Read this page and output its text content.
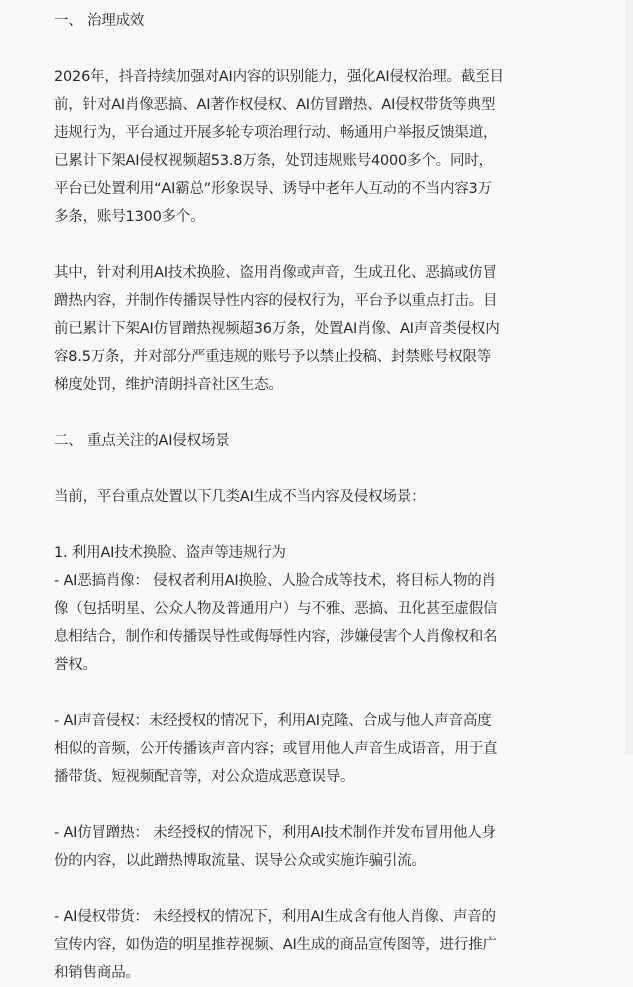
一、 治理成效

2026年，抖音持续加强对AI内容的识别能力，强化AI侵权治理。截至目前，针对AI肖像恶搞、AI著作权侵权、AI仿冒蹭热、AI侵权带货等典型违规行为，平台通过开展多轮专项治理行动、畅通用户举报反馈渠道，已累计下架AI侵权视频超53.8万条，处罚违规账号4000多个。同时，平台已处置利用“AI霸总”形象误导、诱导中老年人互动的不当内容3万多条，账号1300多个。

其中，针对利用AI技术换脸、盗用肖像或声音，生成丑化、恶搞或仿冒蹭热内容，并制作传播误导性内容的侵权行为，平台予以重点打击。目前已累计下架AI仿冒蹭热视频超36万条，处置AI肖像、AI声音类侵权内容8.5万条，并对部分严重违规的账号予以禁止投稿、封禁账号权限等梯度处罚，维护清朗抖音社区生态。

二、 重点关注的AI侵权场景

当前，平台重点处置以下几类AI生成不当内容及侵权场景：

1. 利用AI技术换脸、盗声等违规行为

- AI恶搞肖像： 侵权者利用AI换脸、人脸合成等技术，将目标人物的肖像（包括明星、公众人物及普通用户）与不雅、恶搞、丑化甚至虚假信息相结合，制作和传播误导性或侮辱性内容，涉嫌侵害个人肖像权和名誉权。

- AI声音侵权：未经授权的情况下，利用AI克隆、合成与他人声音高度相似的音频，公开传播该声音内容；或冒用他人声音生成语音，用于直播带货、短视频配音等，对公众造成恶意误导。

- AI仿冒蹭热： 未经授权的情况下，利用AI技术制作并发布冒用他人身份的内容，以此蹭热博取流量、误导公众或实施诈骗引流。

- AI侵权带货： 未经授权的情况下，利用AI生成含有他人肖像、声音的宣传内容，如伪造的明星推荐视频、AI生成的商品宣传图等，进行推广和销售商品。
